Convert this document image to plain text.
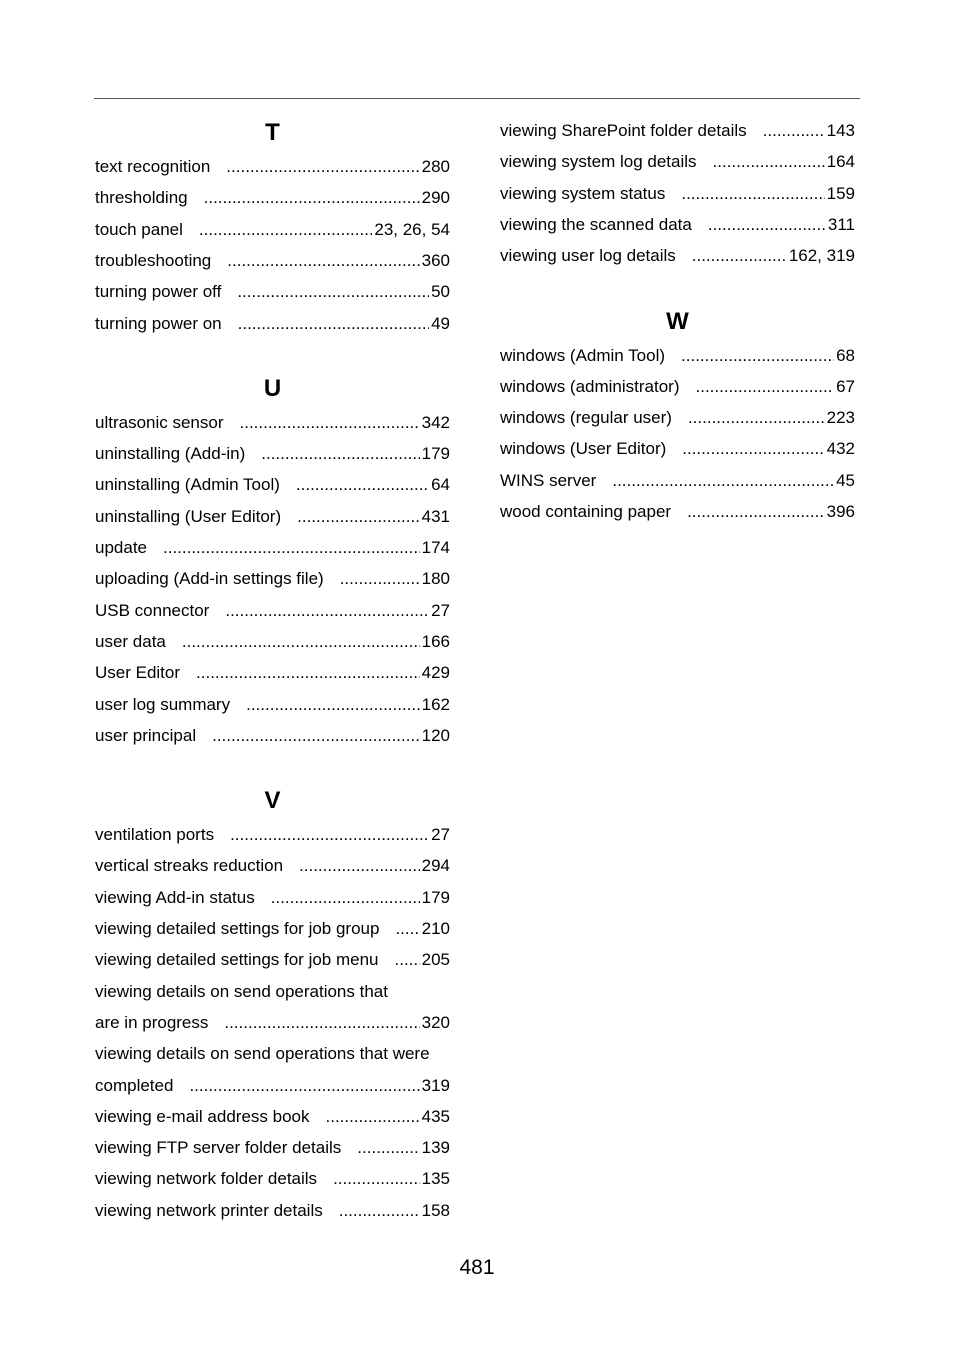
T
text recognition .....	280
thresholding .....	290
touch panel .....	23, 26, 54
troubleshooting .....	360
turning power off .....	50
turning power on .....	49
U
ultrasonic sensor .....	342
uninstalling (Add-in) .....	179
uninstalling (Admin Tool) .....	64
uninstalling (User Editor) .....	431
update .....	174
uploading (Add-in settings file) .....	180
USB connector .....	27
user data .....	166
User Editor .....	429
user log summary .....	162
user principal .....	120
V
ventilation ports .....	27
vertical streaks reduction .....	294
viewing Add-in status .....	179
viewing detailed settings for job group ..... 210
viewing detailed settings for job menu .....	205
viewing details on send operations that
are in progress .....	320
viewing details on send operations that were
completed .....	319
viewing e-mail address book .....	435
viewing FTP server folder details .....	139
viewing network folder details .....	135
viewing network printer details .....	158
viewing SharePoint folder details .....	143
viewing system log details .....	164
viewing system status .....	159
viewing the scanned data .....	311
viewing user log details .....	162, 319
W
windows (Admin Tool) .....	68
windows (administrator) .....	67
windows (regular user) .....	223
windows (User Editor) .....	432
WINS server .....	45
wood containing paper .....	396
481
